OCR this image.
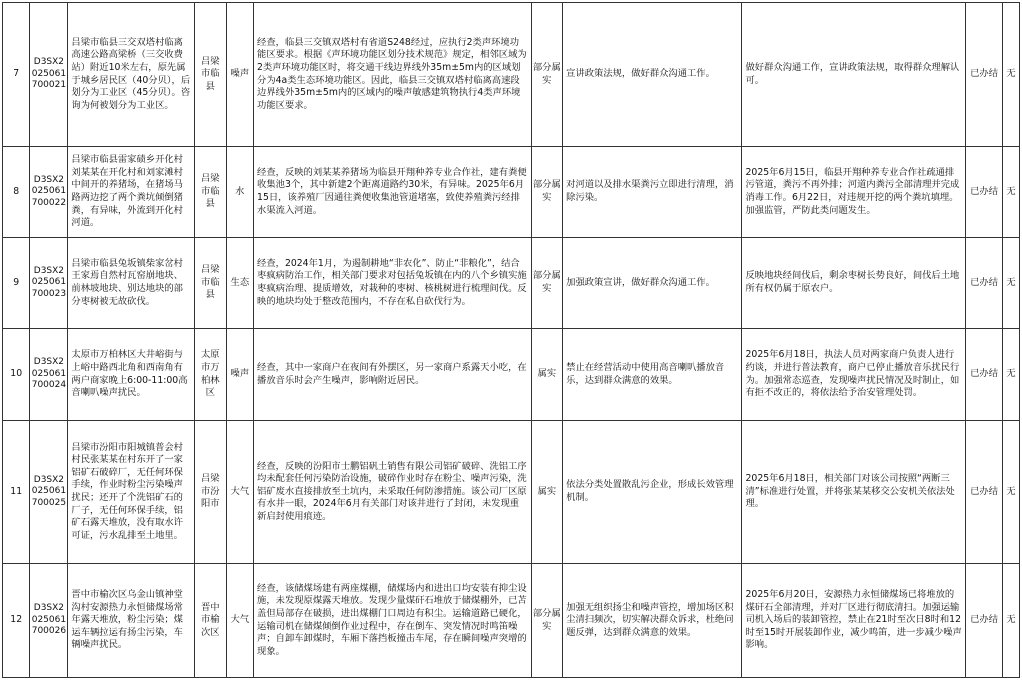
7	D3SX2025061700021	吕梁市临县三交双塔村临离高速公路高梁桥（三交收费站）附近10米左右，原先属于城乡居民区（40分贝），后划分为工业区（45分贝）。咨询为何被划分为工业区。	吕梁市临县	噪声	经查，临县三交镇双塔村有省道S248经过，应执行2类声环境功能区要求。根据《声环境功能区划分技术规范》规定，相邻区域为2类声环境功能区时，将交通干线边界线外35m±5m内的区域划分为4a类生态环境功能区。因此，临县三交镇双塔村临离高速段边界线外35m±5m内的区域内的噪声敏感建筑物执行4类声环境功能区要求。	部分属实	宣讲政策法规，做好群众沟通工作。	做好群众沟通工作，宣讲政策法规，取得群众理解认可。	已办结	无
8	D3SX2025061700022	吕梁市临县雷家碛乡开化村刘某某在开化村和刘家滩村中间开的养猪场，在猪场马路两边挖了两个粪坑倾倒猪粪，有异味，外流到开化村河道。	吕梁市临县	水	经查，反映的刘某某养猪场为临县开翔种养专业合作社，建有粪便收集池3个，其中新建2个距离道路约30米，有异味。2025年6月15日，该养殖厂因通往粪便收集池管道堵塞，致使养殖粪污经排水渠流入河道。	部分属实	对河道以及排水渠粪污立即进行清理，消除污染。	2025年6月15日，临县开翔种养专业合作社疏通排污管道，粪污不再外排；河道内粪污全部清理并完成消毒工作。6月22日，对违规开挖的两个粪坑填埋。加强监管，严防此类问题发生。	已办结	无
9	D3SX2025061700023	吕梁市临县兔坂镇柴家岔村王家焉自然村瓦窑崩地块、前林坡地块、别达地块的部分枣树被无故砍伐。	吕梁市临县	生态	经查，2024年1月，为遏制耕地“非农化”、防止“非粮化”，结合枣疯病防治工作，相关部门要求对包括兔坂镇在内的八个乡镇实施枣疯病治理、提质增效，对栽种的枣树、核桃树进行梳理间伐。反映的地块均处于整改范围内，不存在私自砍伐行为。	部分属实	加强政策宣讲，做好群众沟通工作。	反映地块经间伐后，剩余枣树长势良好，间伐后土地所有权仍属于原农户。	已办结	无
10	D3SX2025061700024	太原市万柏林区大井峪街与上峪中路西北角和西南角有两户商家晚上6:00-11:00高音喇叭噪声扰民。	太原市万柏林区	噪声	经查，其中一家商户在夜间有外摆区，另一家商户系露天小吃，在播放音乐时会产生噪声，影响附近居民。	属实	禁止在经营活动中使用高音喇叭播放音乐，达到群众满意的效果。	2025年6月18日，执法人员对两家商户负责人进行约谈，并进行普法教育，商户已停止播放音乐扰民行为。加强常态巡查，发现噪声扰民情况及时制止，如有拒不改正的，将依法给予治安管理处罚。	已办结	无
11	D3SX2025061700025	吕梁市汾阳市阳城镇普会村村民张某某在村东开了一家铝矿石破碎厂，无任何环保手续，作业时粉尘污染噪声扰民；还开了个洗铝矿石的厂子，无任何环保手续，铝矿石露天堆放，没有取水许可证，污水乱排至土地里。	吕梁市汾阳市	大气	经查，反映的汾阳市士鹏铝矾土销售有限公司铝矿破碎、洗铝工序均未配套任何污染防治设施，破碎作业时存在粉尘、噪声污染，洗铝矿废水直接排放至土坑内，未采取任何防渗措施。该公司厂区原有水井一眼，2024年6月有关部门对该井进行了封闭，未发现重新启封使用痕迹。	属实	依法分类处置散乱污企业，形成长效管理机制。	2025年6月18日，相关部门对该公司按照“两断三清”标准进行处置，并将张某某移交公安机关依法处理。	已办结	无
12	D3SX2025061700026	晋中市榆次区乌金山镇神堂沟村安源热力永恒储煤场常年露天堆放，粉尘污染；煤运车辆拉运有扬尘污染，车辆噪声扰民。	晋中市榆次区	大气	经查，该储煤场建有两座煤棚，储煤场内和进出口均安装有抑尘设施，未发现原煤露天堆放。发现少量煤矸石堆放于储煤棚外，已苫盖但局部存在破损，进出煤棚门口周边有积尘。运输道路已硬化，运输司机在储煤倾倒作业过程中，存在倒车、突发情况时鸣笛噪声；自卸车卸煤时，车厢下落挡板撞击车尾，存在瞬间噪声突增的现象。	部分属实	加强无组织扬尘和噪声管控，增加场区积尘清扫频次，切实解决群众诉求，杜绝问题反弹，达到群众满意的效果。	2025年6月20日，安源热力永恒储煤场已将堆放的煤矸石全部清理，并对厂区进行彻底清扫。加强运输司机入场后的装卸管控，禁止在21时至次日8时和12时至15时开展装卸作业，减少鸣笛，进一步减少噪声影响。	已办结	无
